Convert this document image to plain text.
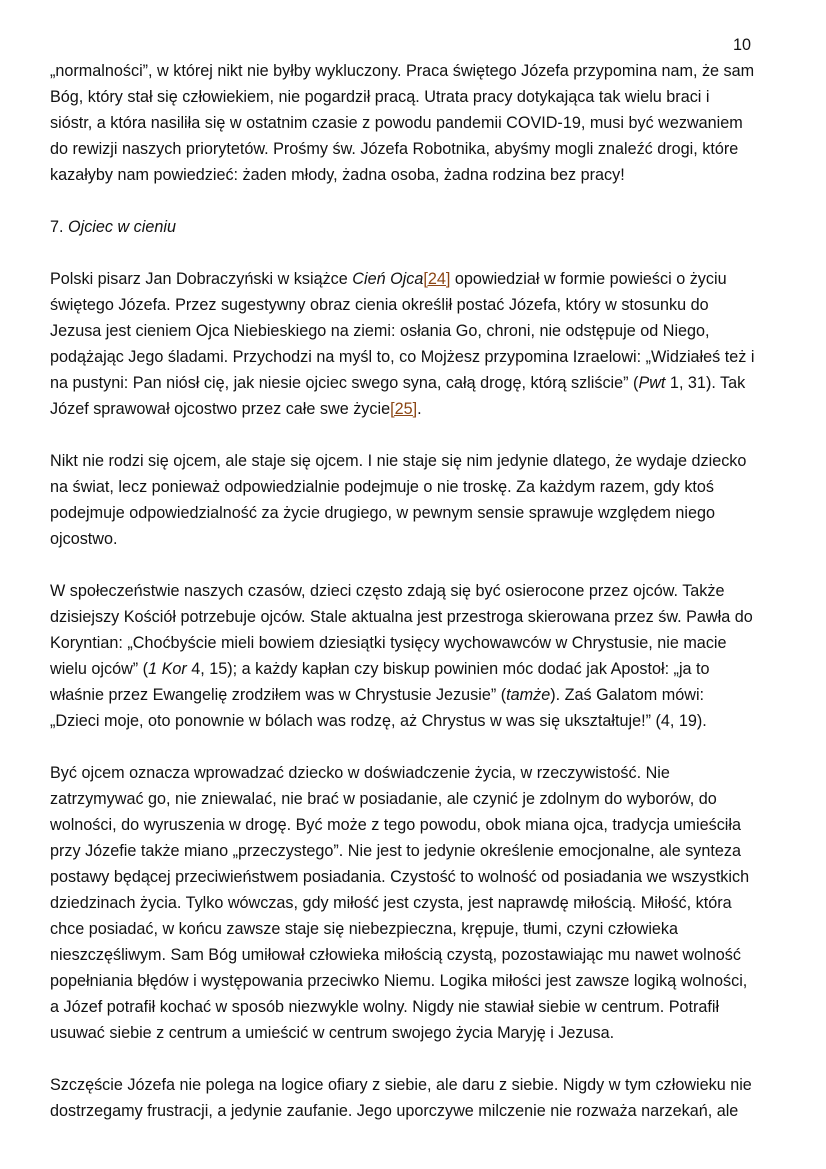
10
„normalności”, w której nikt nie byłby wykluczony. Praca świętego Józefa przypomina nam, że sam
Bóg, który stał się człowiekiem, nie pogardził pracą. Utrata pracy dotykająca tak wielu braci i
sióstr, a która nasiliła się w ostatnim czasie z powodu pandemii COVID-19, musi być wezwaniem
do rewizji naszych priorytetów. Prośmy św. Józefa Robotnika, abyśmy mogli znaleźć drogi, które
kazałyby nam powiedzieć: żaden młody, żadna osoba, żadna rodzina bez pracy!
7. Ojciec w cieniu
Polski pisarz Jan Dobraczyński w książce Cień Ojca[24] opowiedział w formie powieści o życiu
świętego Józefa. Przez sugestywny obraz cienia określił postać Józefa, który w stosunku do
Jezusa jest cieniem Ojca Niebieskiego na ziemi: osłania Go, chroni, nie odstępuje od Niego,
podążając Jego śladami. Przychodzi na myśl to, co Mojżesz przypomina Izraelowi: „Widziałeś też i
na pustyni: Pan niósł cię, jak niesie ojciec swego syna, całą drogę, którą szliście” (Pwt 1, 31). Tak
Józef sprawował ojcostwo przez całe swe życie[25].
Nikt nie rodzi się ojcem, ale staje się ojcem. I nie staje się nim jedynie dlatego, że wydaje dziecko
na świat, lecz ponieważ odpowiedzialnie podejmuje o nie troskę. Za każdym razem, gdy ktoś
podejmuje odpowiedzialność za życie drugiego, w pewnym sensie sprawuje względem niego
ojcostwo.
W społeczeństwie naszych czasów, dzieci często zdają się być osierocone przez ojców. Także
dzisiejszy Kościół potrzebuje ojców. Stale aktualna jest przestroga skierowana przez św. Pawła do
Koryntian: „Choćbyście mieli bowiem dziesiątki tysięcy wychowawców w Chrystusie, nie macie
wielu ojców” (1 Kor 4, 15); a każdy kapłan czy biskup powinien móc dodać jak Apostoł: „ja to
właśnie przez Ewangelię zrodziłem was w Chrystusie Jezusie” (tamże). Zaś Galatom mówi:
„Dzieci moje, oto ponownie w bólach was rodzę, aż Chrystus w was się ukształtuje!” (4, 19).
Być ojcem oznacza wprowadzać dziecko w doświadczenie życia, w rzeczywistość. Nie
zatrzymywać go, nie zniewalać, nie brać w posiadanie, ale czynić je zdolnym do wyborów, do
wolności, do wyruszenia w drogę. Być może z tego powodu, obok miana ojca, tradycja umieściła
przy Józefie także miano „przeczystego”. Nie jest to jedynie określenie emocjonalne, ale synteza
postawy będącej przeciwieństwem posiadania. Czystość to wolność od posiadania we wszystkich
dziedzinach życia. Tylko wówczas, gdy miłość jest czysta, jest naprawdę miłością. Miłość, która
chce posiadać, w końcu zawsze staje się niebezpieczna, krępuje, tłumi, czyni człowieka
nieszczęśliwym. Sam Bóg umiłował człowieka miłością czystą, pozostawiając mu nawet wolność
popełniania błędów i występowania przeciwko Niemu. Logika miłości jest zawsze logiką wolności,
a Józef potrafił kochać w sposób niezwykle wolny. Nigdy nie stawiał siebie w centrum. Potrafił
usuwać siebie z centrum a umieścić w centrum swojego życia Maryję i Jezusa.
Szczęście Józefa nie polega na logice ofiary z siebie, ale daru z siebie. Nigdy w tym człowieku nie
dostrzegamy frustracji, a jedynie zaufanie. Jego uporczywe milczenie nie rozważa narzekań, ale
